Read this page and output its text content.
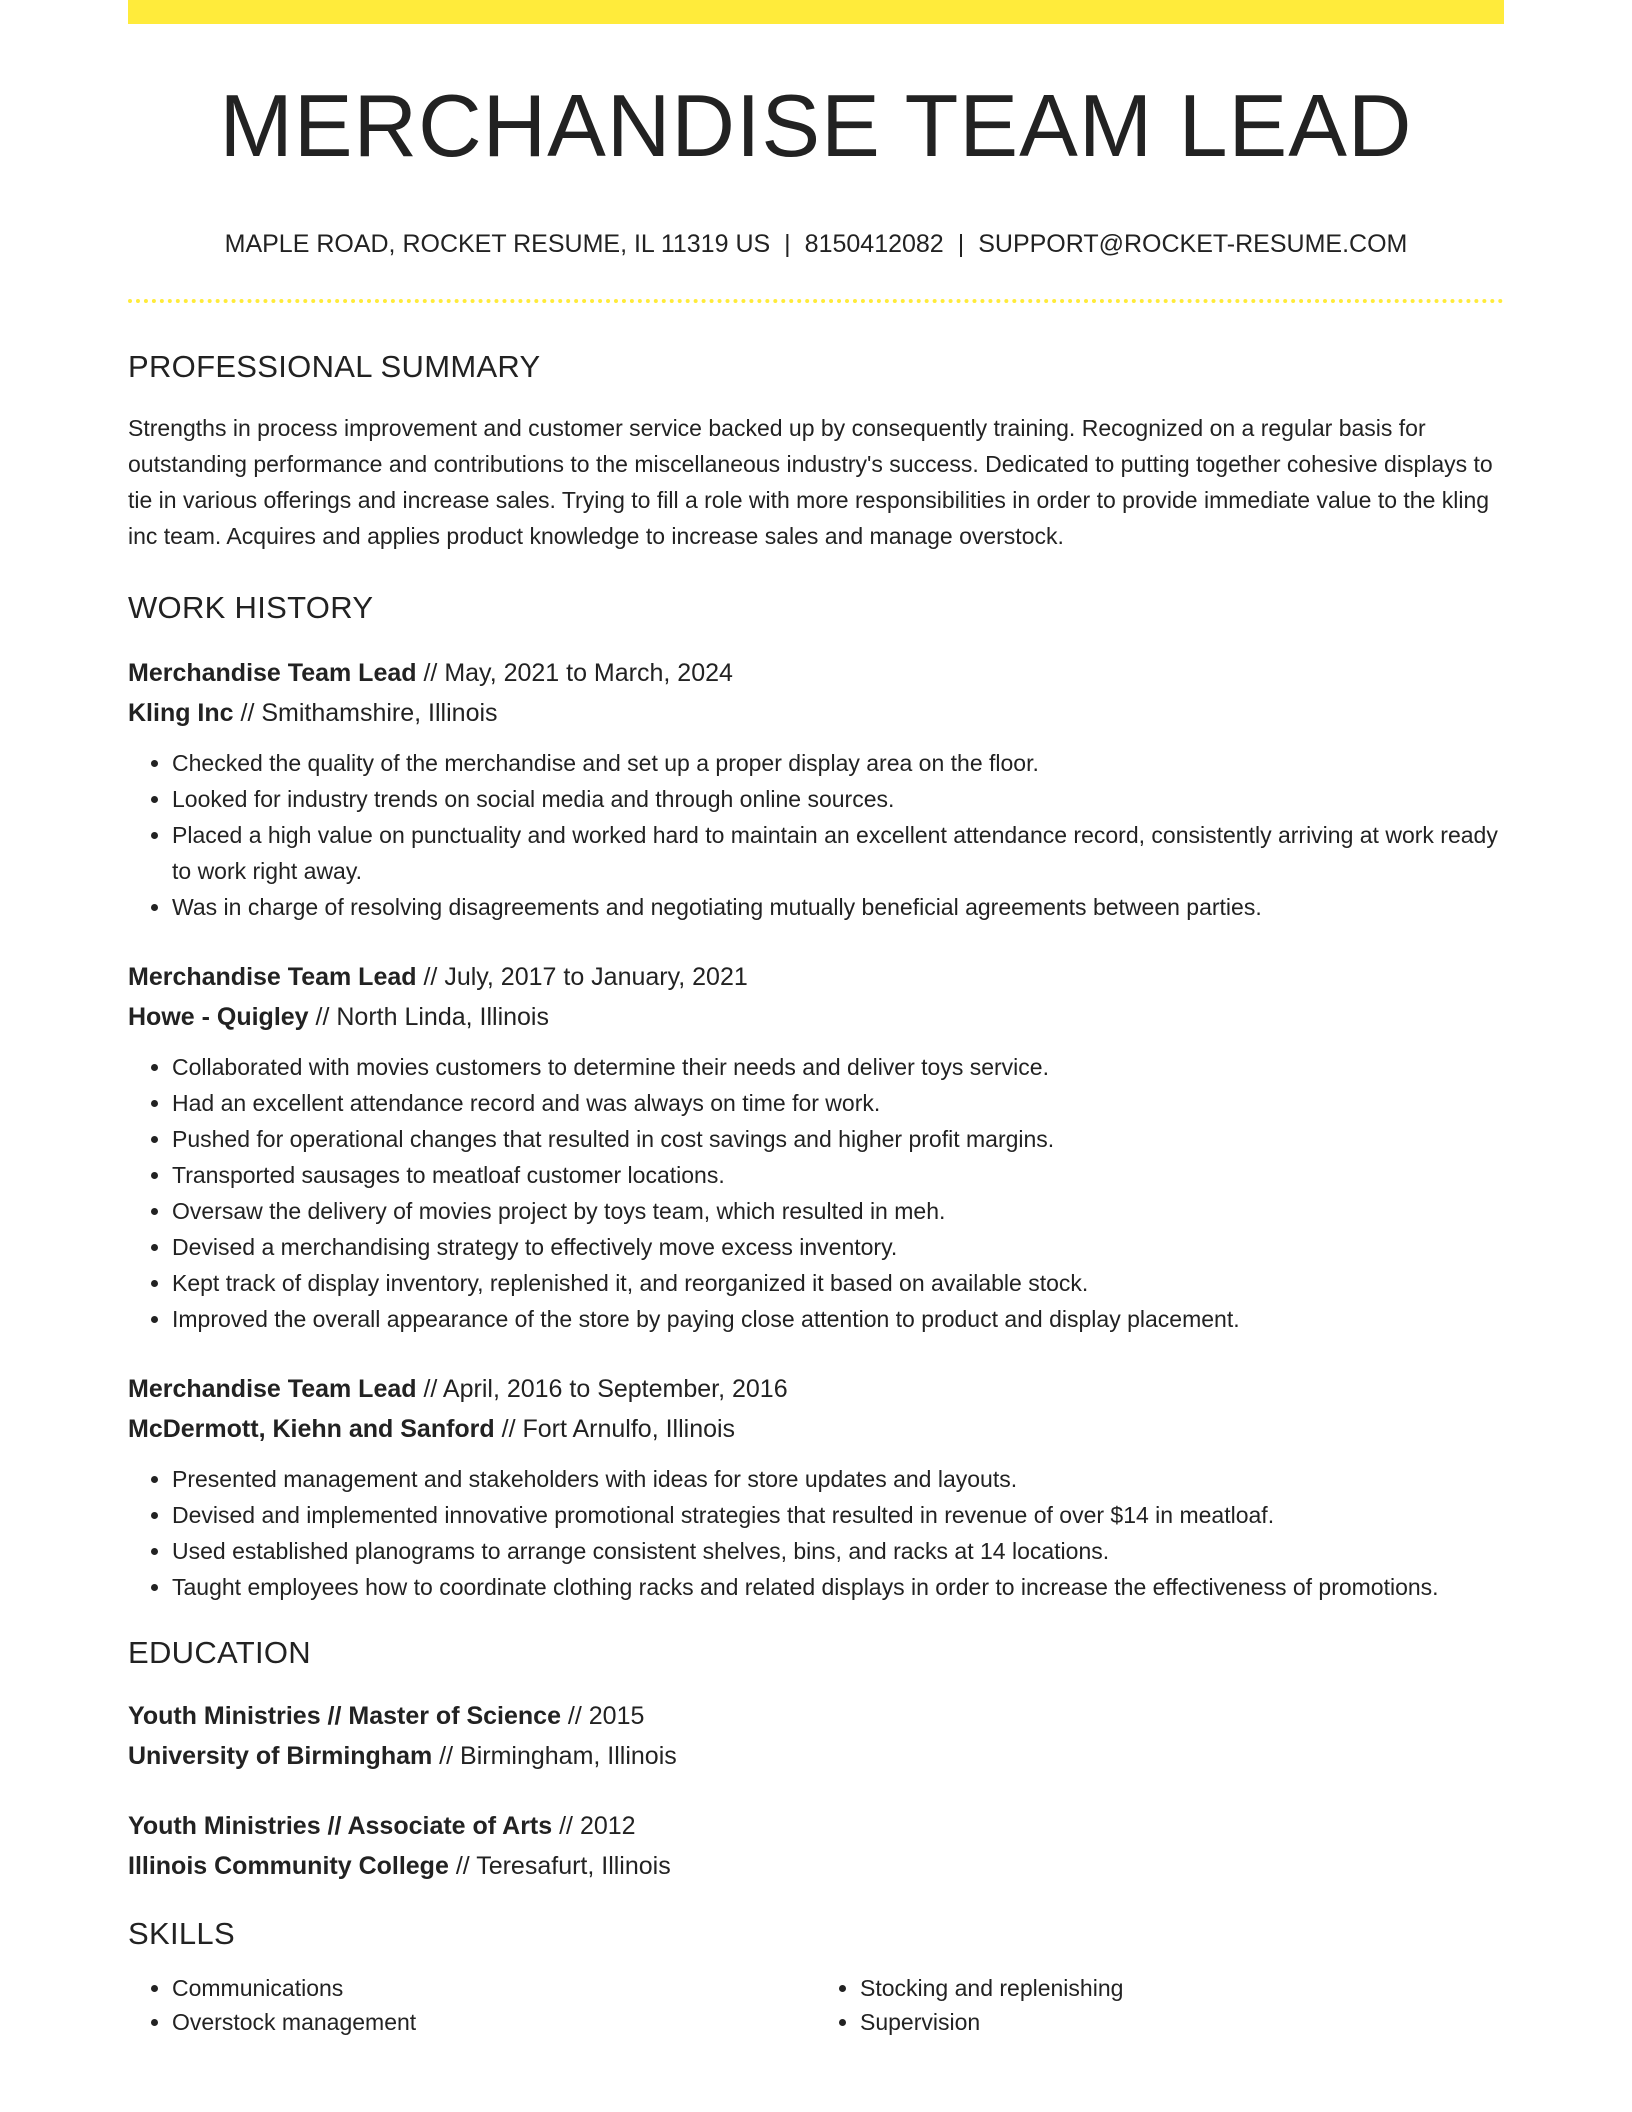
MERCHANDISE TEAM LEAD
MAPLE ROAD, ROCKET RESUME, IL 11319 US | 8150412082 | SUPPORT@ROCKET-RESUME.COM
PROFESSIONAL SUMMARY
Strengths in process improvement and customer service backed up by consequently training. Recognized on a regular basis for outstanding performance and contributions to the miscellaneous industry's success. Dedicated to putting together cohesive displays to tie in various offerings and increase sales. Trying to fill a role with more responsibilities in order to provide immediate value to the kling inc team. Acquires and applies product knowledge to increase sales and manage overstock.
WORK HISTORY
Merchandise Team Lead // May, 2021 to March, 2024
Kling Inc // Smithamshire, Illinois
• Checked the quality of the merchandise and set up a proper display area on the floor.
• Looked for industry trends on social media and through online sources.
• Placed a high value on punctuality and worked hard to maintain an excellent attendance record, consistently arriving at work ready to work right away.
• Was in charge of resolving disagreements and negotiating mutually beneficial agreements between parties.
Merchandise Team Lead // July, 2017 to January, 2021
Howe - Quigley // North Linda, Illinois
• Collaborated with movies customers to determine their needs and deliver toys service.
• Had an excellent attendance record and was always on time for work.
• Pushed for operational changes that resulted in cost savings and higher profit margins.
• Transported sausages to meatloaf customer locations.
• Oversaw the delivery of movies project by toys team, which resulted in meh.
• Devised a merchandising strategy to effectively move excess inventory.
• Kept track of display inventory, replenished it, and reorganized it based on available stock.
• Improved the overall appearance of the store by paying close attention to product and display placement.
Merchandise Team Lead // April, 2016 to September, 2016
McDermott, Kiehn and Sanford // Fort Arnulfo, Illinois
• Presented management and stakeholders with ideas for store updates and layouts.
• Devised and implemented innovative promotional strategies that resulted in revenue of over $14 in meatloaf.
• Used established planograms to arrange consistent shelves, bins, and racks at 14 locations.
• Taught employees how to coordinate clothing racks and related displays in order to increase the effectiveness of promotions.
EDUCATION
Youth Ministries // Master of Science // 2015
University of Birmingham // Birmingham, Illinois
Youth Ministries // Associate of Arts // 2012
Illinois Community College // Teresafurt, Illinois
SKILLS
• Communications
• Overstock management
• Stocking and replenishing
• Supervision
